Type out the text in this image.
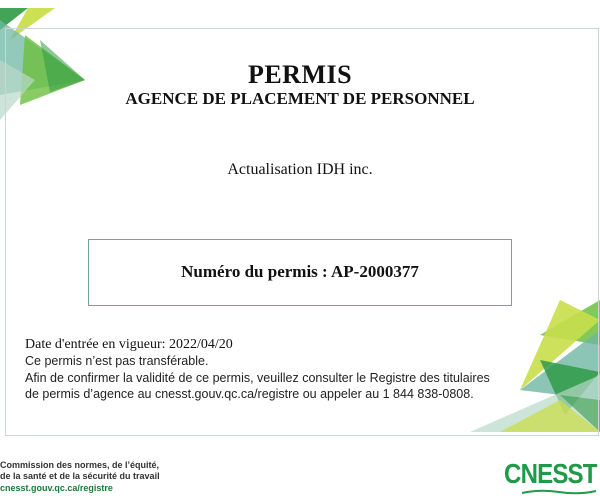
PERMIS
AGENCE DE PLACEMENT DE PERSONNEL
Actualisation IDH inc.
Numéro du permis : AP-2000377
Date d'entrée en vigueur: 2022/04/20
Ce permis n’est pas transférable.
Afin de confirmer la validité de ce permis, veuillez consulter le Registre des titulaires
de permis d’agence au cnesst.gouv.qc.ca/registre ou appeler au 1 844 838-0808.
Commission des normes, de l’équité,
de la santé et de la sécurité du travail
cnesst.gouv.qc.ca/registre	CNESST
